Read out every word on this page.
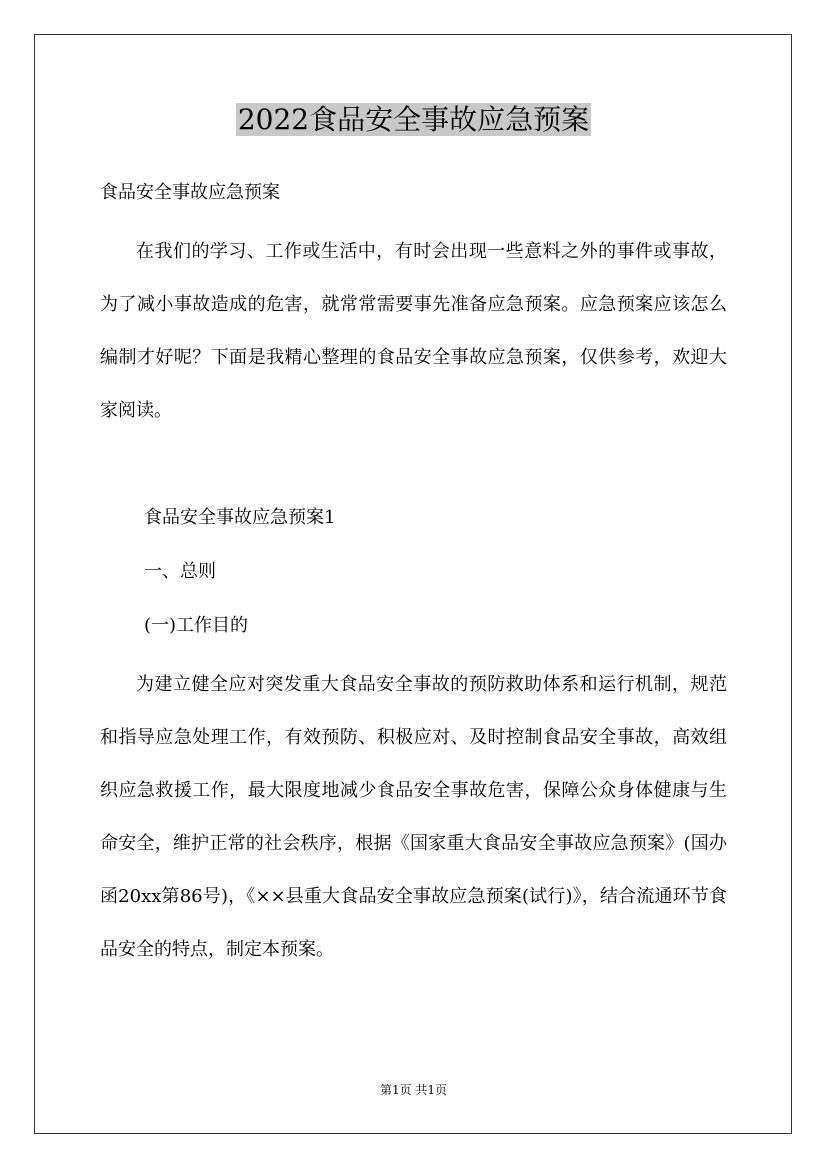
2022食品安全事故应急预案
食品安全事故应急预案

在我们的学习、工作或生活中，有时会出现一些意料之外的事件或事故，为了减小事故造成的危害，就常常需要事先准备应急预案。应急预案应该怎么编制才好呢？下面是我精心整理的食品安全事故应急预案，仅供参考，欢迎大家阅读。

食品安全事故应急预案1
一、总则
(一)工作目的

为建立健全应对突发重大食品安全事故的预防救助体系和运行机制，规范和指导应急处理工作，有效预防、积极应对、及时控制食品安全事故，高效组织应急救援工作，最大限度地减少食品安全事故危害，保障公众身体健康与生命安全，维护正常的社会秩序，根据《国家重大食品安全事故应急预案》(国办函20xx第86号)，《××县重大食品安全事故应急预案(试行)》，结合流通环节食品安全的特点，制定本预案。

第1页 共1页
